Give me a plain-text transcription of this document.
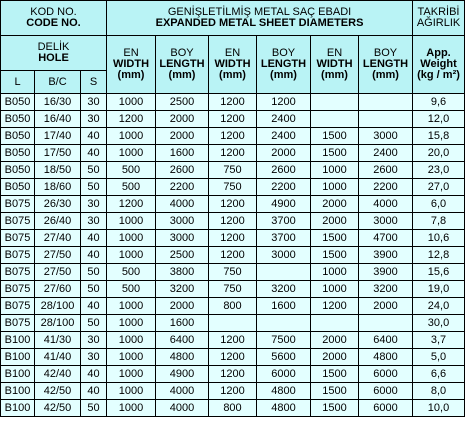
KOD NO.
CODE NO.			GENİŞLETİLMİŞ METAL SAÇ EBADI
EXPANDED METAL SHEET DIAMETERS						TAKRİBİ
AĞIRLIK

DELİK
HOLE			EN
WIDTH
(mm)	BOY
LENGTH
(mm)	EN
WIDTH
(mm)	BOY
LENGTH
(mm)	EN
WIDTH
(mm)	BOY
LENGTH
(mm)	App.
Weight
(kg / m²)

L	B/C	S							
B050	16/30	30	1000	2500	1200	1200			9,6
B050	16/40	30	1200	2000	1200	2400			12,0
B050	17/40	40	1000	2000	1200	2400	1500	3000	15,8
B050	17/50	40	1000	1600	1200	2000	1500	2400	20,0
B050	18/50	50	500	2600	750	2600	1000	2600	23,0
B050	18/60	50	500	2200	750	2200	1000	2200	27,0
B075	26/30	30	1200	4000	1200	4900	2000	4000	6,0
B075	26/40	30	1000	3000	1200	3700	2000	3000	7,8
B075	27/40	40	1000	3000	1200	3700	1500	4700	10,6
B075	27/50	40	1000	2500	1200	3000	1500	3900	12,8
B075	27/50	50	500	3800	750		1000	3900	15,6
B075	27/60	50	500	3200	750	3200	1000	3200	19,0
B075	28/100	40	1000	2000	800	1600	1200	2000	24,0
B075	28/100	50	1000	1600					30,0
B100	41/30	30	1000	6400	1200	7500	2000	6400	3,7
B100	41/40	30	1000	4800	1200	5600	2000	4800	5,0
B100	42/40	40	1000	4900	1200	6000	1500	6000	6,6
B100	42/50	40	1000	4000	1200	4800	1500	6000	8,0
B100	42/50	50	1000	4000	800	4800	1500	6000	10,0
